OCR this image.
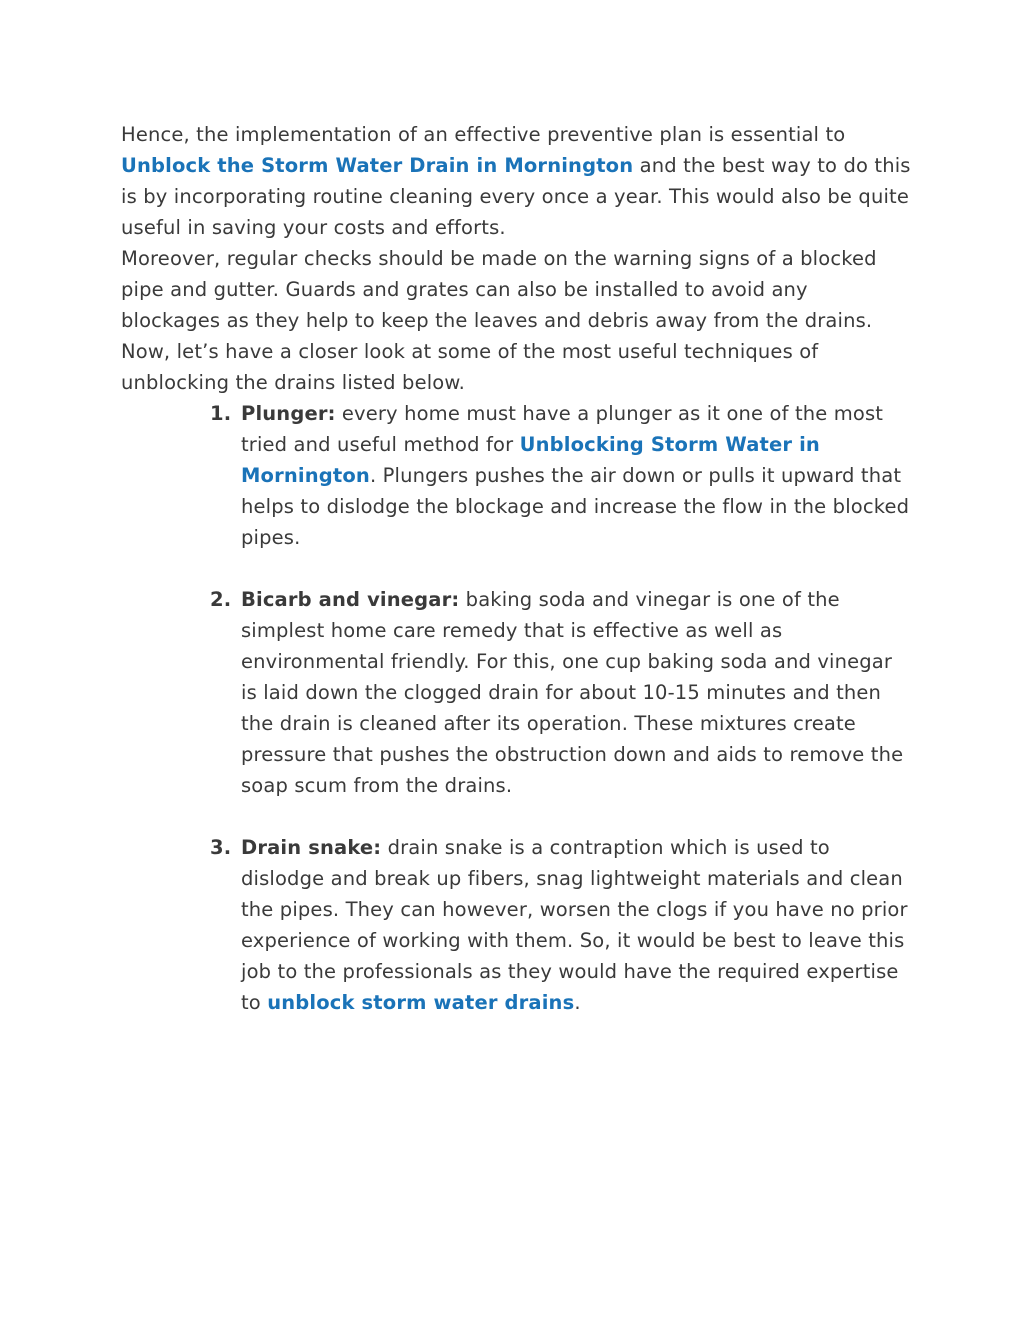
Hence, the implementation of an effective preventive plan is essential to Unblock the Storm Water Drain in Mornington and the best way to do this is by incorporating routine cleaning every once a year. This would also be quite useful in saving your costs and efforts.

Moreover, regular checks should be made on the warning signs of a blocked pipe and gutter. Guards and grates can also be installed to avoid any blockages as they help to keep the leaves and debris away from the drains.

Now, let’s have a closer look at some of the most useful techniques of unblocking the drains listed below.

1. Plunger: every home must have a plunger as it one of the most tried and useful method for Unblocking Storm Water in Mornington. Plungers pushes the air down or pulls it upward that helps to dislodge the blockage and increase the flow in the blocked pipes.
2. Bicarb and vinegar: baking soda and vinegar is one of the simplest home care remedy that is effective as well as environmental friendly. For this, one cup baking soda and vinegar is laid down the clogged drain for about 10-15 minutes and then the drain is cleaned after its operation. These mixtures create pressure that pushes the obstruction down and aids to remove the soap scum from the drains.
3. Drain snake: drain snake is a contraption which is used to dislodge and break up fibers, snag lightweight materials and clean the pipes. They can however, worsen the clogs if you have no prior experience of working with them. So, it would be best to leave this job to the professionals as they would have the required expertise to unblock storm water drains.
